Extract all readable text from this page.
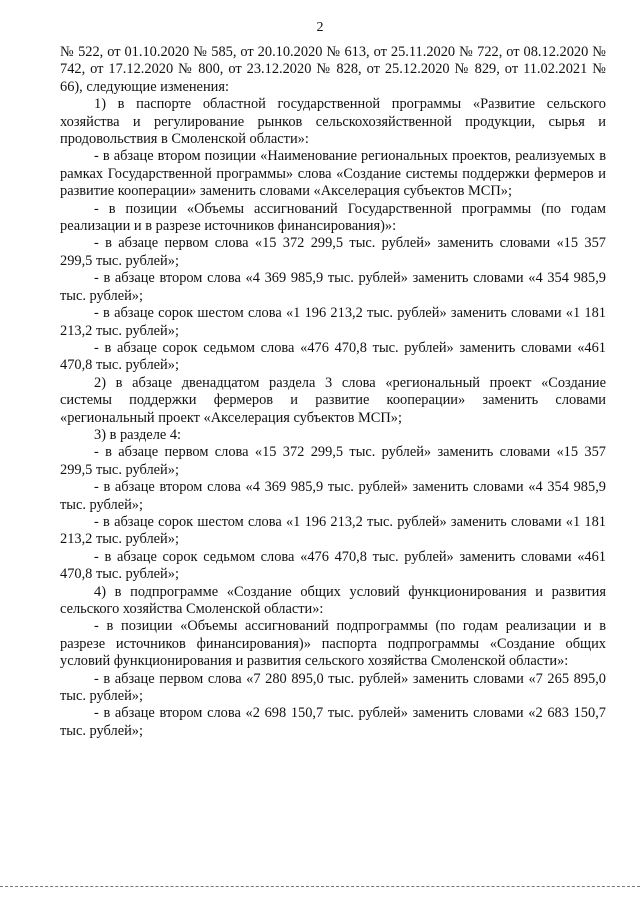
2

№ 522, от 01.10.2020 № 585, от 20.10.2020 № 613, от 25.11.2020 № 722, от 08.12.2020 № 742, от 17.12.2020 № 800, от 23.12.2020 № 828, от 25.12.2020 № 829, от 11.02.2021 № 66), следующие изменения:

1) в паспорте областной государственной программы «Развитие сельского хозяйства и регулирование рынков сельскохозяйственной продукции, сырья и продовольствия в Смоленской области»:

- в абзаце втором позиции «Наименование региональных проектов, реализуемых в рамках Государственной программы» слова «Создание системы поддержки фермеров и развитие кооперации» заменить словами «Акселерация субъектов МСП»;

- в позиции «Объемы ассигнований Государственной программы (по годам реализации и в разрезе источников финансирования)»:

- в абзаце первом слова «15 372 299,5 тыс. рублей» заменить словами «15 357 299,5 тыс. рублей»;

- в абзаце втором слова «4 369 985,9 тыс. рублей» заменить словами «4 354 985,9 тыс. рублей»;

- в абзаце сорок шестом слова «1 196 213,2 тыс. рублей» заменить словами «1 181 213,2 тыс. рублей»;

- в абзаце сорок седьмом слова «476 470,8 тыс. рублей» заменить словами «461 470,8 тыс. рублей»;

2) в абзаце двенадцатом раздела 3 слова «региональный проект «Создание системы поддержки фермеров и развитие кооперации» заменить словами «региональный проект «Акселерация субъектов МСП»;

3) в разделе 4:

- в абзаце первом слова «15 372 299,5 тыс. рублей» заменить словами «15 357 299,5 тыс. рублей»;

- в абзаце втором слова «4 369 985,9 тыс. рублей» заменить словами «4 354 985,9 тыс. рублей»;

- в абзаце сорок шестом слова «1 196 213,2 тыс. рублей» заменить словами «1 181 213,2 тыс. рублей»;

- в абзаце сорок седьмом слова «476 470,8 тыс. рублей» заменить словами «461 470,8 тыс. рублей»;

4) в подпрограмме «Создание общих условий функционирования и развития сельского хозяйства Смоленской области»:

- в позиции «Объемы ассигнований подпрограммы (по годам реализации и в разрезе источников финансирования)» паспорта подпрограммы «Создание общих условий функционирования и развития сельского хозяйства Смоленской области»:

- в абзаце первом слова «7 280 895,0 тыс. рублей» заменить словами «7 265 895,0 тыс. рублей»;

- в абзаце втором слова «2 698 150,7 тыс. рублей» заменить словами «2 683 150,7 тыс. рублей»;
